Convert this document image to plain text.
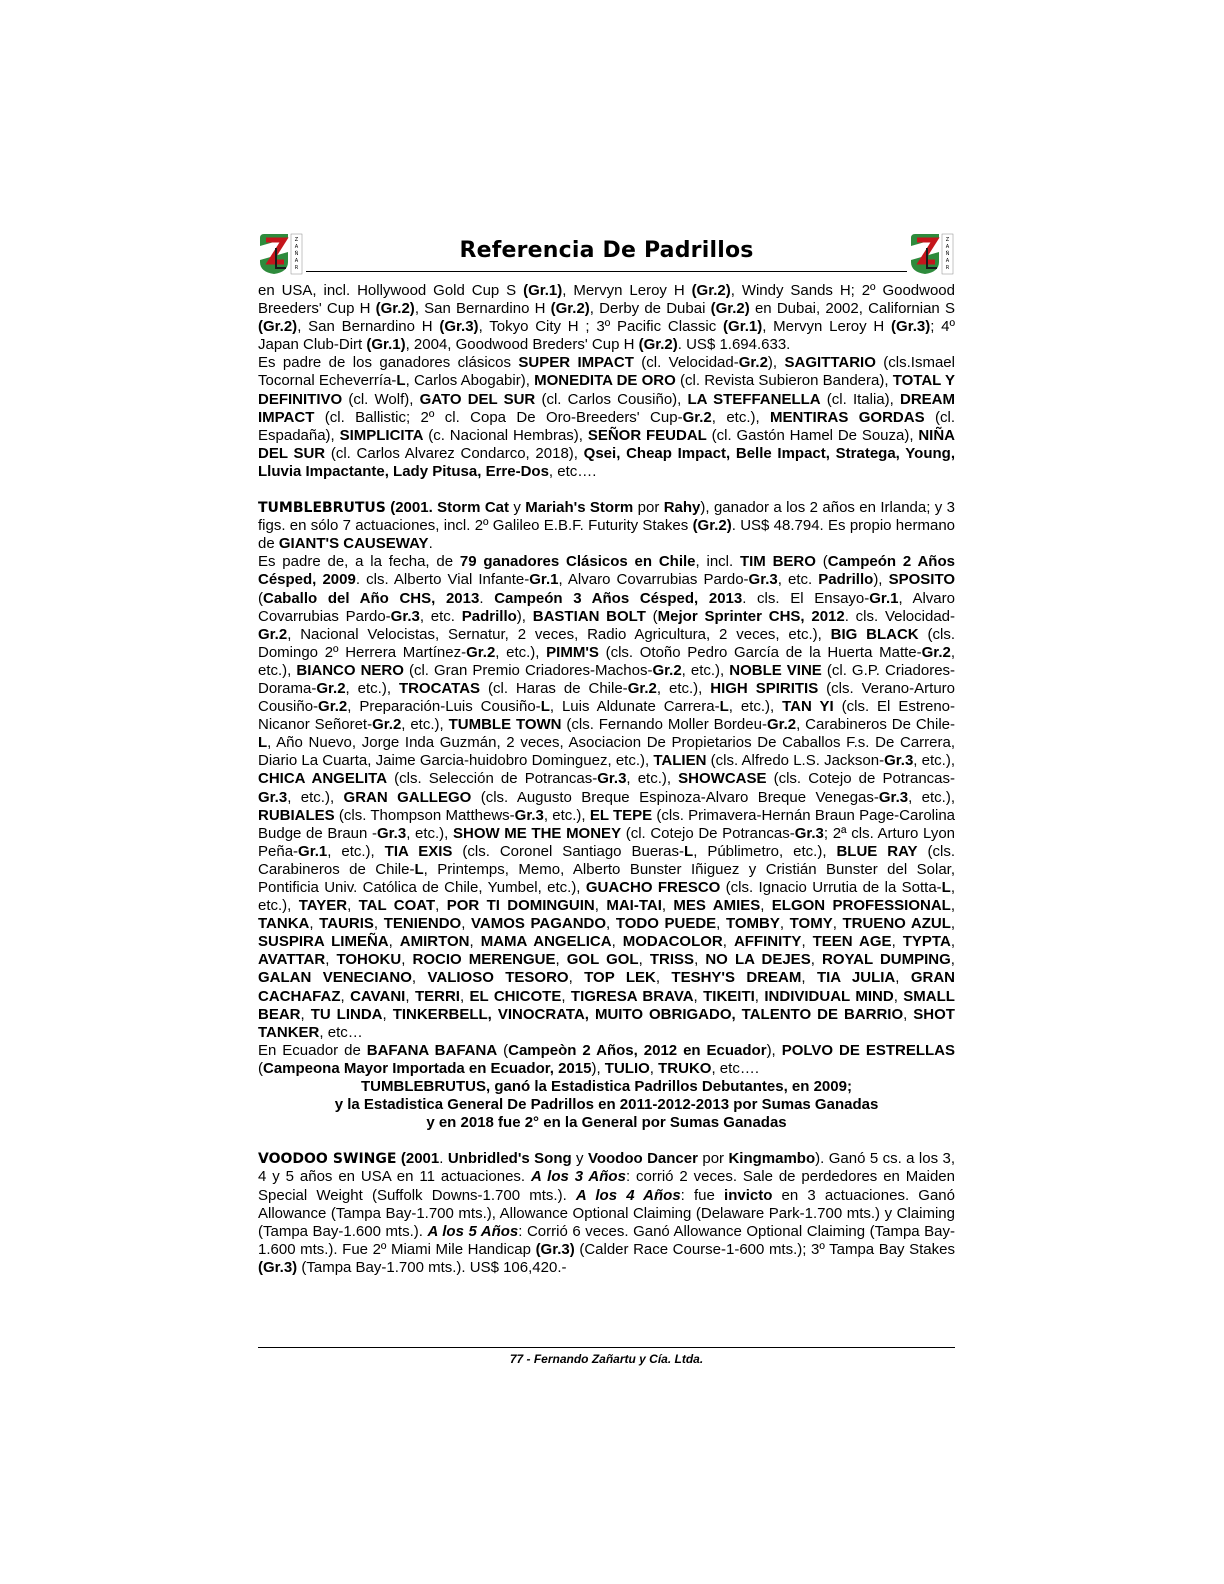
Z
A
Ñ
A
R
Referencia De Padrillos	Z
A
Ñ
A
R

en USA, incl. Hollywood Gold Cup S (Gr.1), Mervyn Leroy H (Gr.2), Windy Sands H; 2º Goodwood Breeders' Cup H (Gr.2), San Bernardino H (Gr.2), Derby de Dubai (Gr.2) en Dubai, 2002, Californian S (Gr.2), San Bernardino H (Gr.3), Tokyo City H ; 3º Pacific Classic (Gr.1), Mervyn Leroy H (Gr.3); 4º Japan Club-Dirt (Gr.1), 2004, Goodwood Breders' Cup H (Gr.2). US$ 1.694.633.

Es padre de los ganadores clásicos SUPER IMPACT (cl. Velocidad-Gr.2), SAGITTARIO (cls.Ismael Tocornal Echeverría-L, Carlos Abogabir), MONEDITA DE ORO (cl. Revista Subieron Bandera), TOTAL Y DEFINITIVO (cl. Wolf), GATO DEL SUR (cl. Carlos Cousiño), LA STEFFANELLA (cl. Italia), DREAM IMPACT (cl. Ballistic; 2º cl. Copa De Oro-Breeders' Cup-Gr.2, etc.), MENTIRAS GORDAS (cl. Espadaña), SIMPLICITA (c. Nacional Hembras), SEÑOR FEUDAL (cl. Gastón Hamel De Souza), NIÑA DEL SUR (cl. Carlos Alvarez Condarco, 2018), Qsei, Cheap Impact, Belle Impact, Stratega, Young, Lluvia Impactante, Lady Pitusa, Erre-Dos, etc….

TUMBLEBRUTUS (2001. Storm Cat y Mariah's Storm por Rahy), ganador a los 2 años en Irlanda; y 3 figs. en sólo 7 actuaciones, incl. 2º Galileo E.B.F. Futurity Stakes (Gr.2). US$ 48.794. Es propio hermano de GIANT'S CAUSEWAY.

Es padre de, a la fecha, de 79 ganadores Clásicos en Chile, incl. TIM BERO (Campeón 2 Años Césped, 2009. cls. Alberto Vial Infante-Gr.1, Alvaro Covarrubias Pardo-Gr.3, etc. Padrillo), SPOSITO (Caballo del Año CHS, 2013. Campeón 3 Años Césped, 2013. cls. El Ensayo-Gr.1, Alvaro Covarrubias Pardo-Gr.3, etc. Padrillo), BASTIAN BOLT (Mejor Sprinter CHS, 2012. cls. Velocidad-Gr.2, Nacional Velocistas, Sernatur, 2 veces, Radio Agricultura, 2 veces, etc.), BIG BLACK (cls. Domingo 2º Herrera Martínez-Gr.2, etc.), PIMM'S (cls. Otoño Pedro García de la Huerta Matte-Gr.2, etc.), BIANCO NERO (cl. Gran Premio Criadores-Machos-Gr.2, etc.), NOBLE VINE (cl. G.P. Criadores-Dorama-Gr.2, etc.), TROCATAS (cl. Haras de Chile-Gr.2, etc.), HIGH SPIRITIS (cls. Verano-Arturo Cousiño-Gr.2, Preparación-Luis Cousiño-L, Luis Aldunate Carrera-L, etc.), TAN YI (cls. El Estreno-Nicanor Señoret-Gr.2, etc.), TUMBLE TOWN (cls. Fernando Moller Bordeu-Gr.2, Carabineros De Chile-L, Año Nuevo, Jorge Inda Guzmán, 2 veces, Asociacion De Propietarios De Caballos F.s. De Carrera, Diario La Cuarta, Jaime Garcia-huidobro Dominguez, etc.), TALIEN (cls. Alfredo L.S. Jackson-Gr.3, etc.), CHICA ANGELITA (cls. Selección de Potrancas-Gr.3, etc.), SHOWCASE (cls. Cotejo de Potrancas-Gr.3, etc.), GRAN GALLEGO (cls. Augusto Breque Espinoza-Alvaro Breque Venegas-Gr.3, etc.), RUBIALES (cls. Thompson Matthews-Gr.3, etc.), EL TEPE (cls. Primavera-Hernán Braun Page-Carolina Budge de Braun -Gr.3, etc.), SHOW ME THE MONEY (cl. Cotejo De Potrancas-Gr.3; 2ª cls. Arturo Lyon Peña-Gr.1, etc.), TIA EXIS (cls. Coronel Santiago Bueras-L, Públimetro, etc.), BLUE RAY (cls. Carabineros de Chile-L, Printemps, Memo, Alberto Bunster Iñiguez y Cristián Bunster del Solar, Pontificia Univ. Católica de Chile, Yumbel, etc.), GUACHO FRESCO (cls. Ignacio Urrutia de la Sotta-L, etc.), TAYER, TAL COAT, POR TI DOMINGUIN, MAI-TAI, MES AMIES, ELGON PROFESSIONAL, TANKA, TAURIS, TENIENDO, VAMOS PAGANDO, TODO PUEDE, TOMBY, TOMY, TRUENO AZUL, SUSPIRA LIMEÑA, AMIRTON, MAMA ANGELICA, MODACOLOR, AFFINITY, TEEN AGE, TYPTA, AVATTAR, TOHOKU, ROCIO MERENGUE, GOL GOL, TRISS, NO LA DEJES, ROYAL DUMPING, GALAN VENECIANO, VALIOSO TESORO, TOP LEK, TESHY'S DREAM, TIA JULIA, GRAN CACHAFAZ, CAVANI, TERRI, EL CHICOTE, TIGRESA BRAVA, TIKEITI, INDIVIDUAL MIND, SMALL BEAR, TU LINDA, TINKERBELL, VINOCRATA, MUITO OBRIGADO, TALENTO DE BARRIO, SHOT TANKER, etc…

En Ecuador de BAFANA BAFANA (Campeòn 2 Años, 2012 en Ecuador), POLVO DE ESTRELLAS (Campeona Mayor Importada en Ecuador, 2015), TULIO, TRUKO, etc….

TUMBLEBRUTUS, ganó la Estadistica Padrillos Debutantes, en 2009;
y la Estadistica General De Padrillos en 2011-2012-2013 por Sumas Ganadas
y en 2018 fue 2° en la General por Sumas Ganadas

VOODOO SWINGE (2001. Unbridled's Song y Voodoo Dancer por Kingmambo). Ganó 5 cs. a los 3, 4 y 5 años en USA en 11 actuaciones. A los 3 Años: corrió 2 veces. Sale de perdedores en Maiden Special Weight (Suffolk Downs-1.700 mts.). A los 4 Años: fue invicto en 3 actuaciones. Ganó Allowance (Tampa Bay-1.700 mts.), Allowance Optional Claiming (Delaware Park-1.700 mts.) y Claiming (Tampa Bay-1.600 mts.). A los 5 Años: Corrió 6 veces. Ganó Allowance Optional Claiming (Tampa Bay-1.600 mts.). Fue 2º Miami Mile Handicap (Gr.3) (Calder Race Course-1-600 mts.); 3º Tampa Bay Stakes (Gr.3) (Tampa Bay-1.700 mts.). US$ 106,420.-

77 - Fernando Zañartu y Cía. Ltda.
